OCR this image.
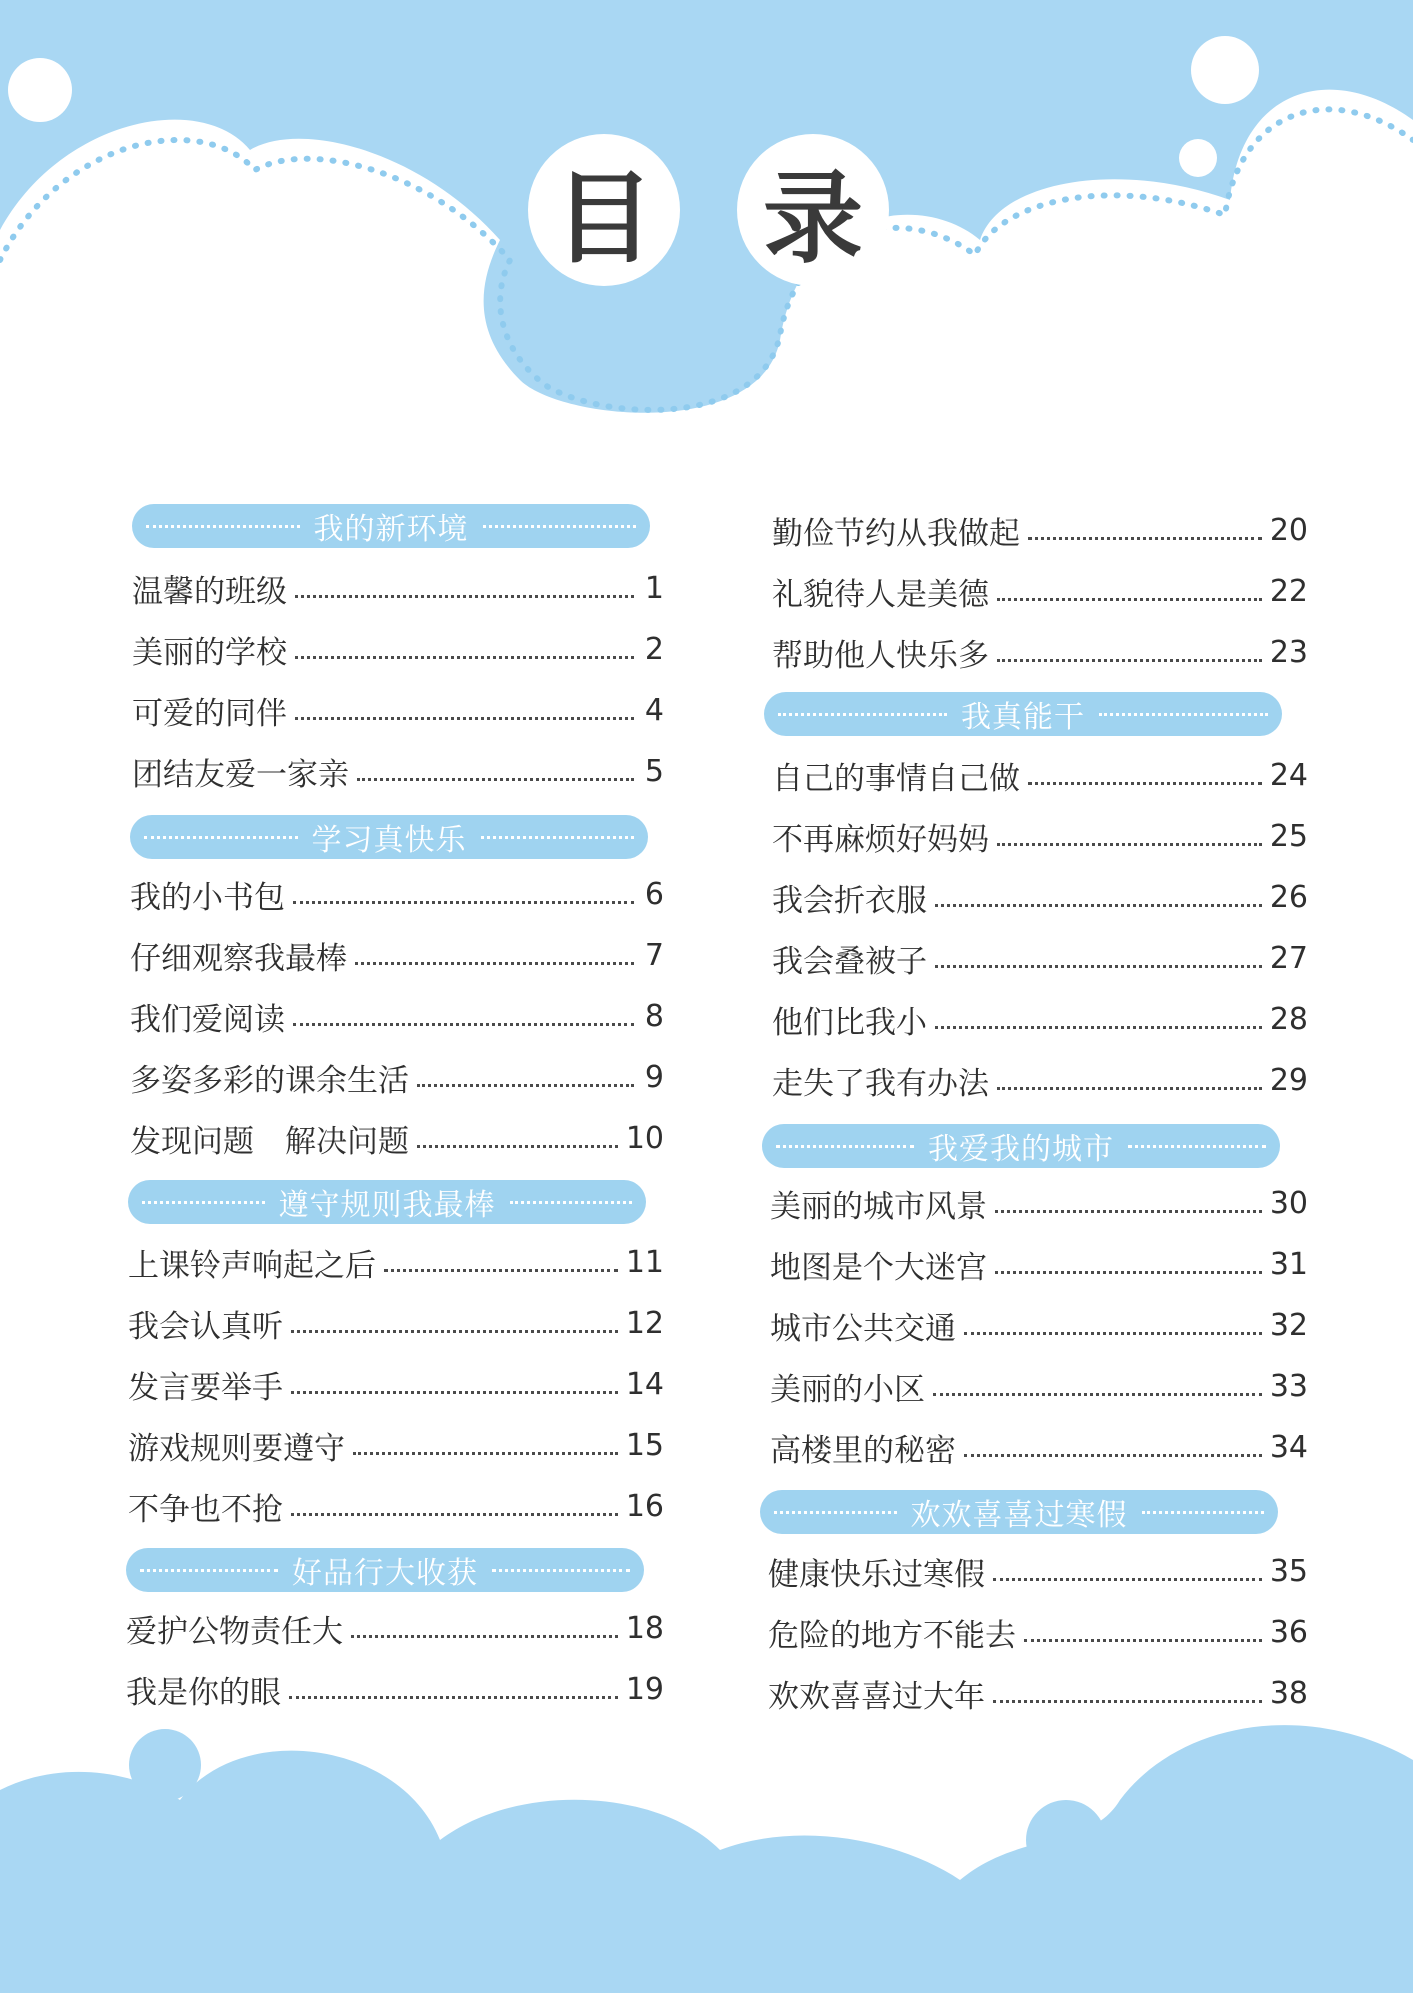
目 录
我的新环境
温馨的班级	1
美丽的学校	2
可爱的同伴	4
团结友爱一家亲	5
学习真快乐
我的小书包	6
仔细观察我最棒	7
我们爱阅读	8
多姿多彩的课余生活	9
发现问题　解决问题	10
遵守规则我最棒
上课铃声响起之后	11
我会认真听	12
发言要举手	14
游戏规则要遵守	15
不争也不抢	16
好品行大收获
爱护公物责任大	18
我是你的眼	19
勤俭节约从我做起	20
礼貌待人是美德	22
帮助他人快乐多	23
我真能干
自己的事情自己做	24
不再麻烦好妈妈	25
我会折衣服	26
我会叠被子	27
他们比我小	28
走失了我有办法	29
我爱我的城市
美丽的城市风景	30
地图是个大迷宫	31
城市公共交通	32
美丽的小区	33
高楼里的秘密	34
欢欢喜喜过寒假
健康快乐过寒假	35
危险的地方不能去	36
欢欢喜喜过大年	38
